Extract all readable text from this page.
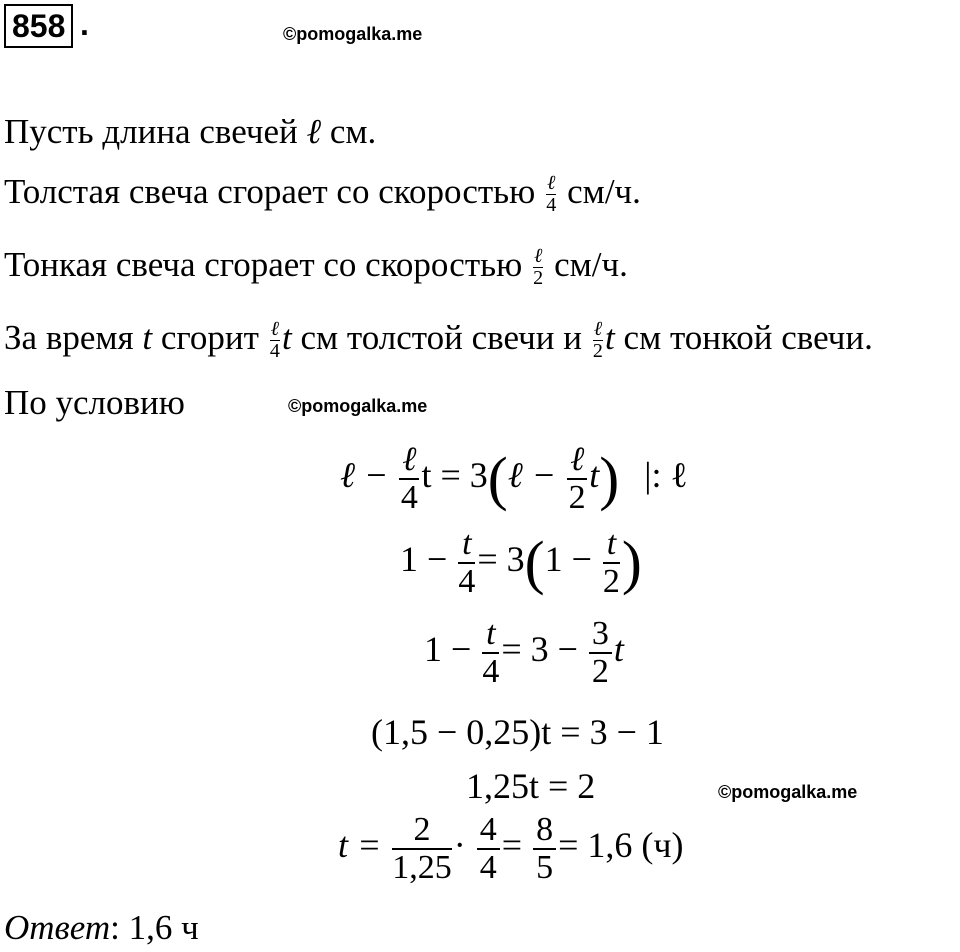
858 .	©pomogalka.me
Пусть длина свечей ℓ см.
Толстая свеча сгорает со скоростью $\frac{\text{ℓ}}{4} см/ч$.
Тонкая свеча сгорает со скоростью $\frac{\text{ℓ}}{2} см/ч$.
За время t сгорит $\frac{\text{ℓ}}{4}$ t см толстой свечи и $\frac{\text{ℓ}}{2}$ t см тонкой свечи.
По условию	©pomogalka.me
ℓ − $\frac{\text{ℓ}}{4}$ t = 3(ℓ − $\frac{\text{ℓ}}{2} t$) |: ℓ
$1 - \frac{t}{4} = 3(1 - \frac{t}{2}$ )
$1 - \frac{t}{4} = 3 - \frac{3}{2}$ t
(1,5 − 0,25)t = 3 − 1
1,25t = 2	©pomogalka.me
$t = \frac{2}{1,25} \cdot \frac{4}{4} = \frac{8}{5} = 1,6$ (ч)
Ответ: 1,6 ч
